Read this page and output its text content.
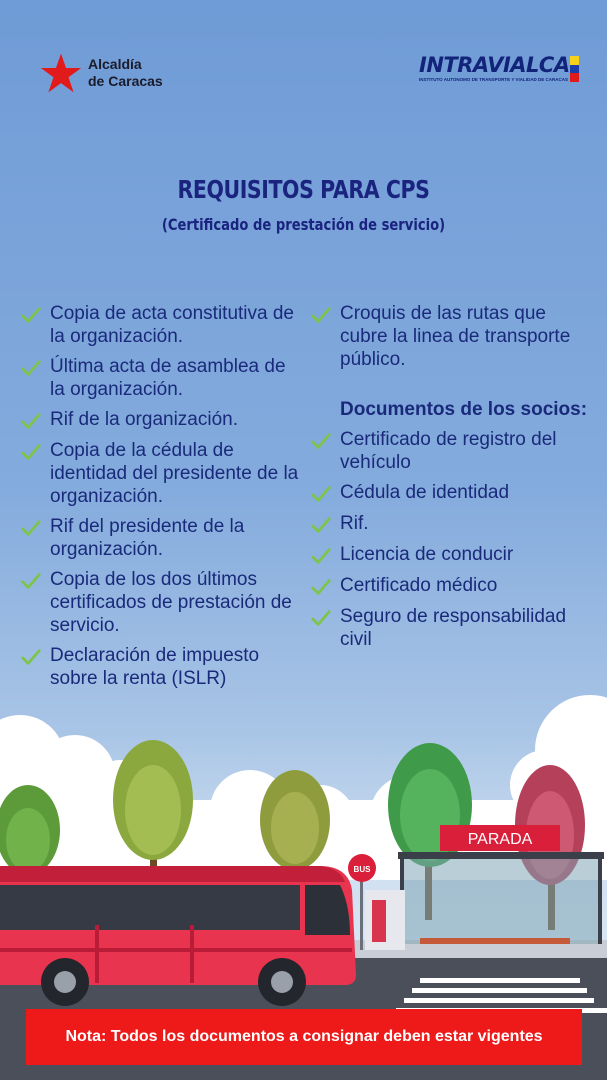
Alcaldía
de Caracas
INTRAVIALCA
INSTITUTO AUTONOMO DE TRANSPORTE Y VIALIDAD DE CARACAS
REQUISITOS PARA CPS
(Certificado de prestación de servicio)
Copia de acta constitutiva de la organización.
Última acta de asamblea de la organización.
Rif de la organización.
Copia de la cédula de identidad del presidente de la organización.
Rif del presidente de la organización.
Copia de los dos últimos certificados de prestación de servicio.
Declaración de impuesto sobre la renta (ISLR)
Croquis de las rutas que cubre la linea de transporte público.
Documentos de los socios:
Certificado de registro del vehículo
Cédula de identidad
Rif.
Licencia de conducir
Certificado médico
Seguro de responsabilidad civil
PARADA
BUS
Nota: Todos los documentos a consignar deben estar vigentes
